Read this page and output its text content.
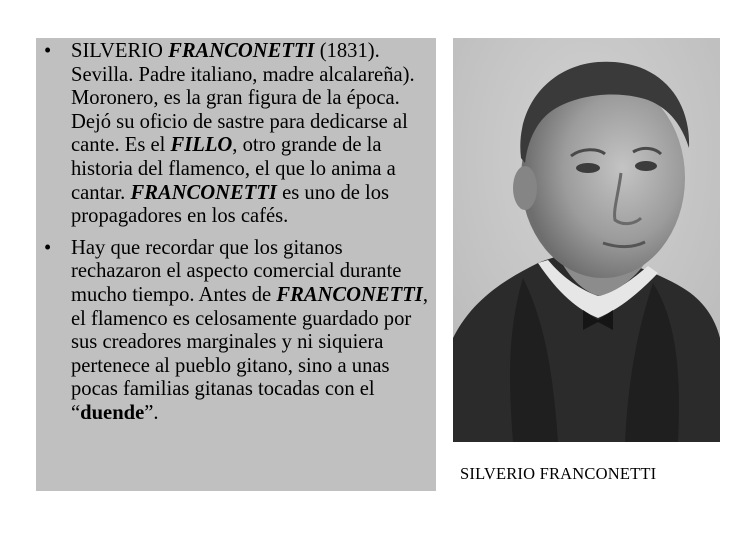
• SILVERIO FRANCONETTI (1831). Sevilla. Padre italiano, madre alcalareña). Moronero, es la gran figura de la época. Dejó su oficio de sastre para dedicarse al cante. Es el FILLO, otro grande de la historia del flamenco, el que lo anima a cantar. FRANCONETTI es uno de los propagadores en los cafés.
• Hay que recordar que los gitanos rechazaron el aspecto comercial durante mucho tiempo. Antes de FRANCONETTI, el flamenco es celosamente guardado por sus creadores marginales y ni siquiera pertenece al pueblo gitano, sino a unas pocas familias gitanas tocadas con el “duende”.
SILVERIO FRANCONETTI
